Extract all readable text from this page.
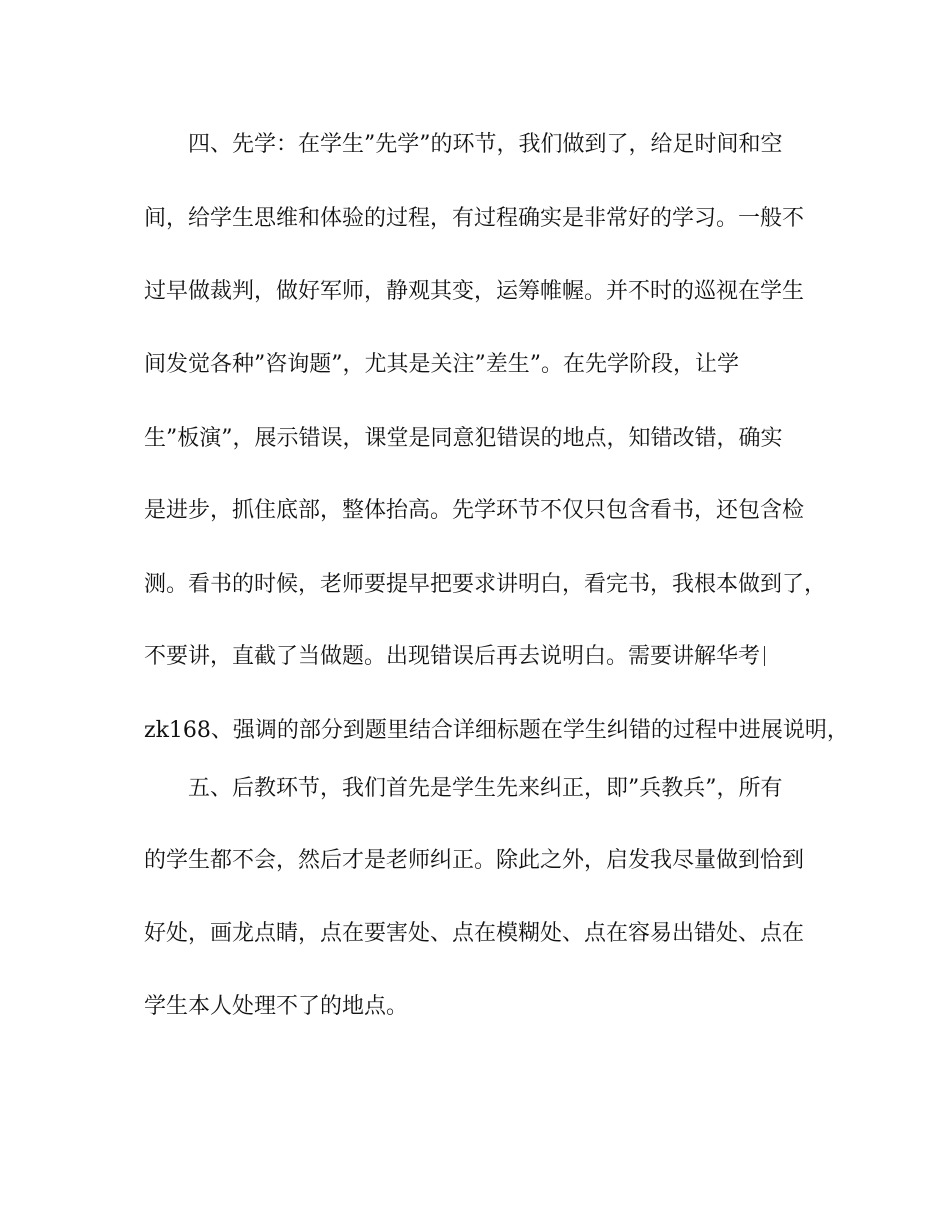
四、先学：在学生”先学”的环节，我们做到了，给足时间和空
间，给学生思维和体验的过程，有过程确实是非常好的学习。一般不
过早做裁判，做好军师，静观其变，运筹帷幄。并不时的巡视在学生
间发觉各种”咨询题”，尤其是关注”差生”。在先学阶段，让学
生”板演”，展示错误，课堂是同意犯错误的地点，知错改错，确实
是进步，抓住底部，整体抬高。先学环节不仅只包含看书，还包含检
测。看书的时候，老师要提早把要求讲明白，看完书，我根本做到了，
不要讲，直截了当做题。出现错误后再去说明白。需要讲解华考
zk168、强调的部分到题里结合详细标题在学生纠错的过程中进展说明，
五、后教环节，我们首先是学生先来纠正，即”兵教兵”，所有
的学生都不会，然后才是老师纠正。除此之外，启发我尽量做到恰到
好处，画龙点睛，点在要害处、点在模糊处、点在容易出错处、点在
学生本人处理不了的地点。
